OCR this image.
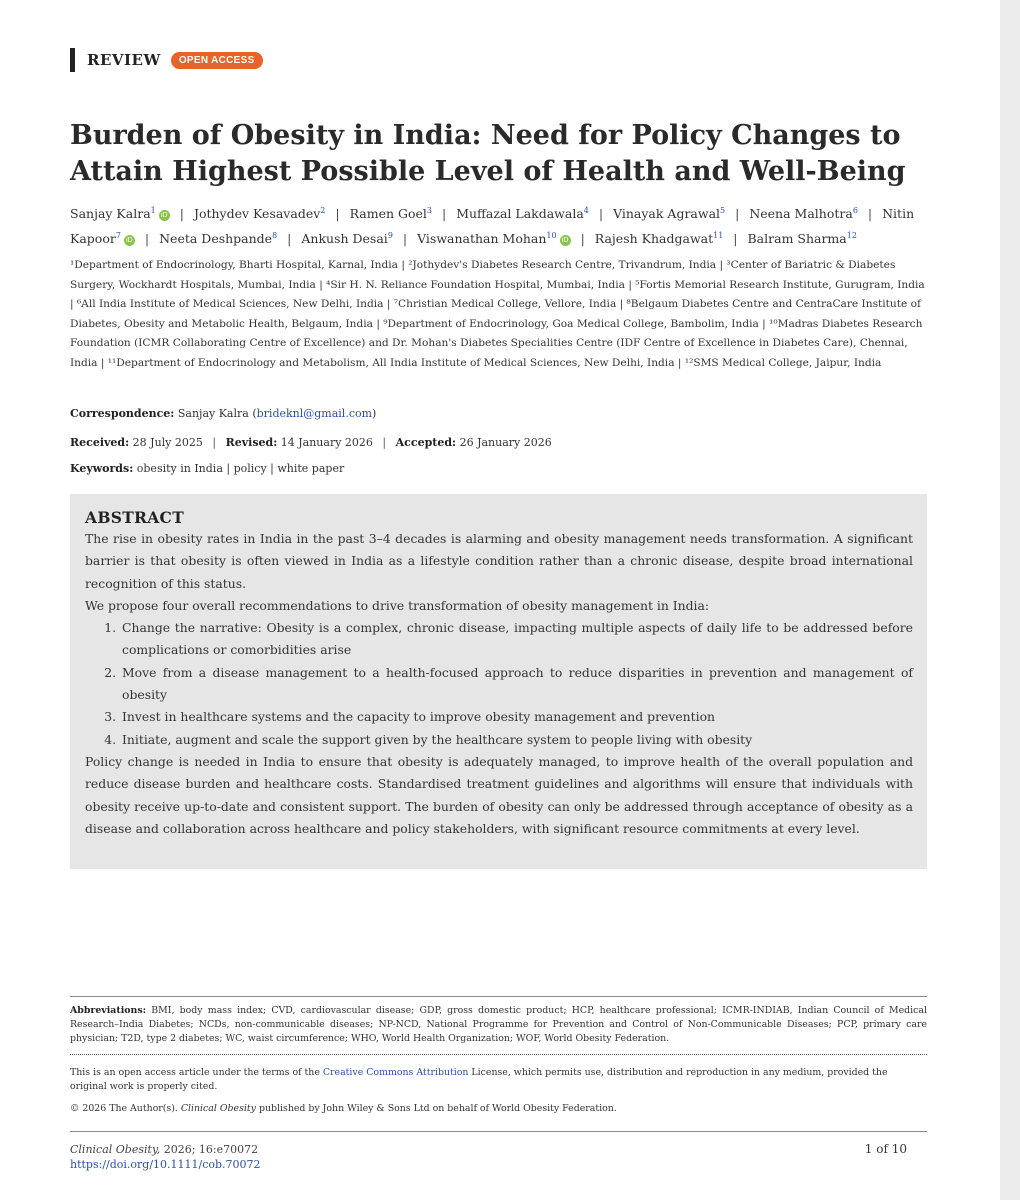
REVIEW	OPEN ACCESS
Burden of Obesity in India: Need for Policy Changes to Attain Highest Possible Level of Health and Well-Being
Sanjay Kalra$^1$iD | Jothydev Kesavadev$^2$ | Ramen Goel$^3$ | Muffazal Lakdawala$^4$ | Vinayak Agrawal$^5$ | Neena Malhotra$^6$ | Nitin Kapoor$^7$iD | Neeta Deshpande$^8$ | Ankush Desai$^9$ | Viswanathan Mohan$^{10}$iD | Rajesh Khadgawat$^{11}$ | Balram Sharma$^{12}$
¹Department of Endocrinology, Bharti Hospital, Karnal, India | ²Jothydev's Diabetes Research Centre, Trivandrum, India | ³Center of Bariatric & Diabetes Surgery, Wockhardt Hospitals, Mumbai, India | ⁴Sir H. N. Reliance Foundation Hospital, Mumbai, India | ⁵Fortis Memorial Research Institute, Gurugram, India | ⁶All India Institute of Medical Sciences, New Delhi, India | ⁷Christian Medical College, Vellore, India | ⁸Belgaum Diabetes Centre and CentraCare Institute of Diabetes, Obesity and Metabolic Health, Belgaum, India | ⁹Department of Endocrinology, Goa Medical College, Bambolim, India | ¹⁰Madras Diabetes Research Foundation (ICMR Collaborating Centre of Excellence) and Dr. Mohan's Diabetes Specialities Centre (IDF Centre of Excellence in Diabetes Care), Chennai, India | ¹¹Department of Endocrinology and Metabolism, All India Institute of Medical Sciences, New Delhi, India | ¹²SMS Medical College, Jaipur, India
Correspondence: Sanjay Kalra (brideknl@gmail.com)
Received: 28 July 2025 | Revised: 14 January 2026 | Accepted: 26 January 2026
Keywords: obesity in India | policy | white paper
ABSTRACT

The rise in obesity rates in India in the past 3–4 decades is alarming and obesity management needs transformation. A significant barrier is that obesity is often viewed in India as a lifestyle condition rather than a chronic disease, despite broad international recognition of this status.

We propose four overall recommendations to drive transformation of obesity management in India:

1. Change the narrative: Obesity is a complex, chronic disease, impacting multiple aspects of daily life to be addressed before complications or comorbidities arise
2. Move from a disease management to a health-focused approach to reduce disparities in prevention and management of obesity
3. Invest in healthcare systems and the capacity to improve obesity management and prevention
4. Initiate, augment and scale the support given by the healthcare system to people living with obesity

Policy change is needed in India to ensure that obesity is adequately managed, to improve health of the overall population and reduce disease burden and healthcare costs. Standardised treatment guidelines and algorithms will ensure that individuals with obesity receive up-to-date and consistent support. The burden of obesity can only be addressed through acceptance of obesity as a disease and collaboration across healthcare and policy stakeholders, with significant resource commitments at every level.

Abbreviations: BMI, body mass index; CVD, cardiovascular disease; GDP, gross domestic product; HCP, healthcare professional; ICMR-INDIAB, Indian Council of Medical Research–India Diabetes; NCDs, non-communicable diseases; NP-NCD, National Programme for Prevention and Control of Non-Communicable Diseases; PCP, primary care physician; T2D, type 2 diabetes; WC, waist circumference; WHO, World Health Organization; WOF, World Obesity Federation.
This is an open access article under the terms of the Creative Commons Attribution License, which permits use, distribution and reproduction in any medium, provided the original work is properly cited.
© 2026 The Author(s). Clinical Obesity published by John Wiley & Sons Ltd on behalf of World Obesity Federation.
Clinical Obesity, 2026; 16:e70072
https://doi.org/10.1111/cob.70072
1 of 10
